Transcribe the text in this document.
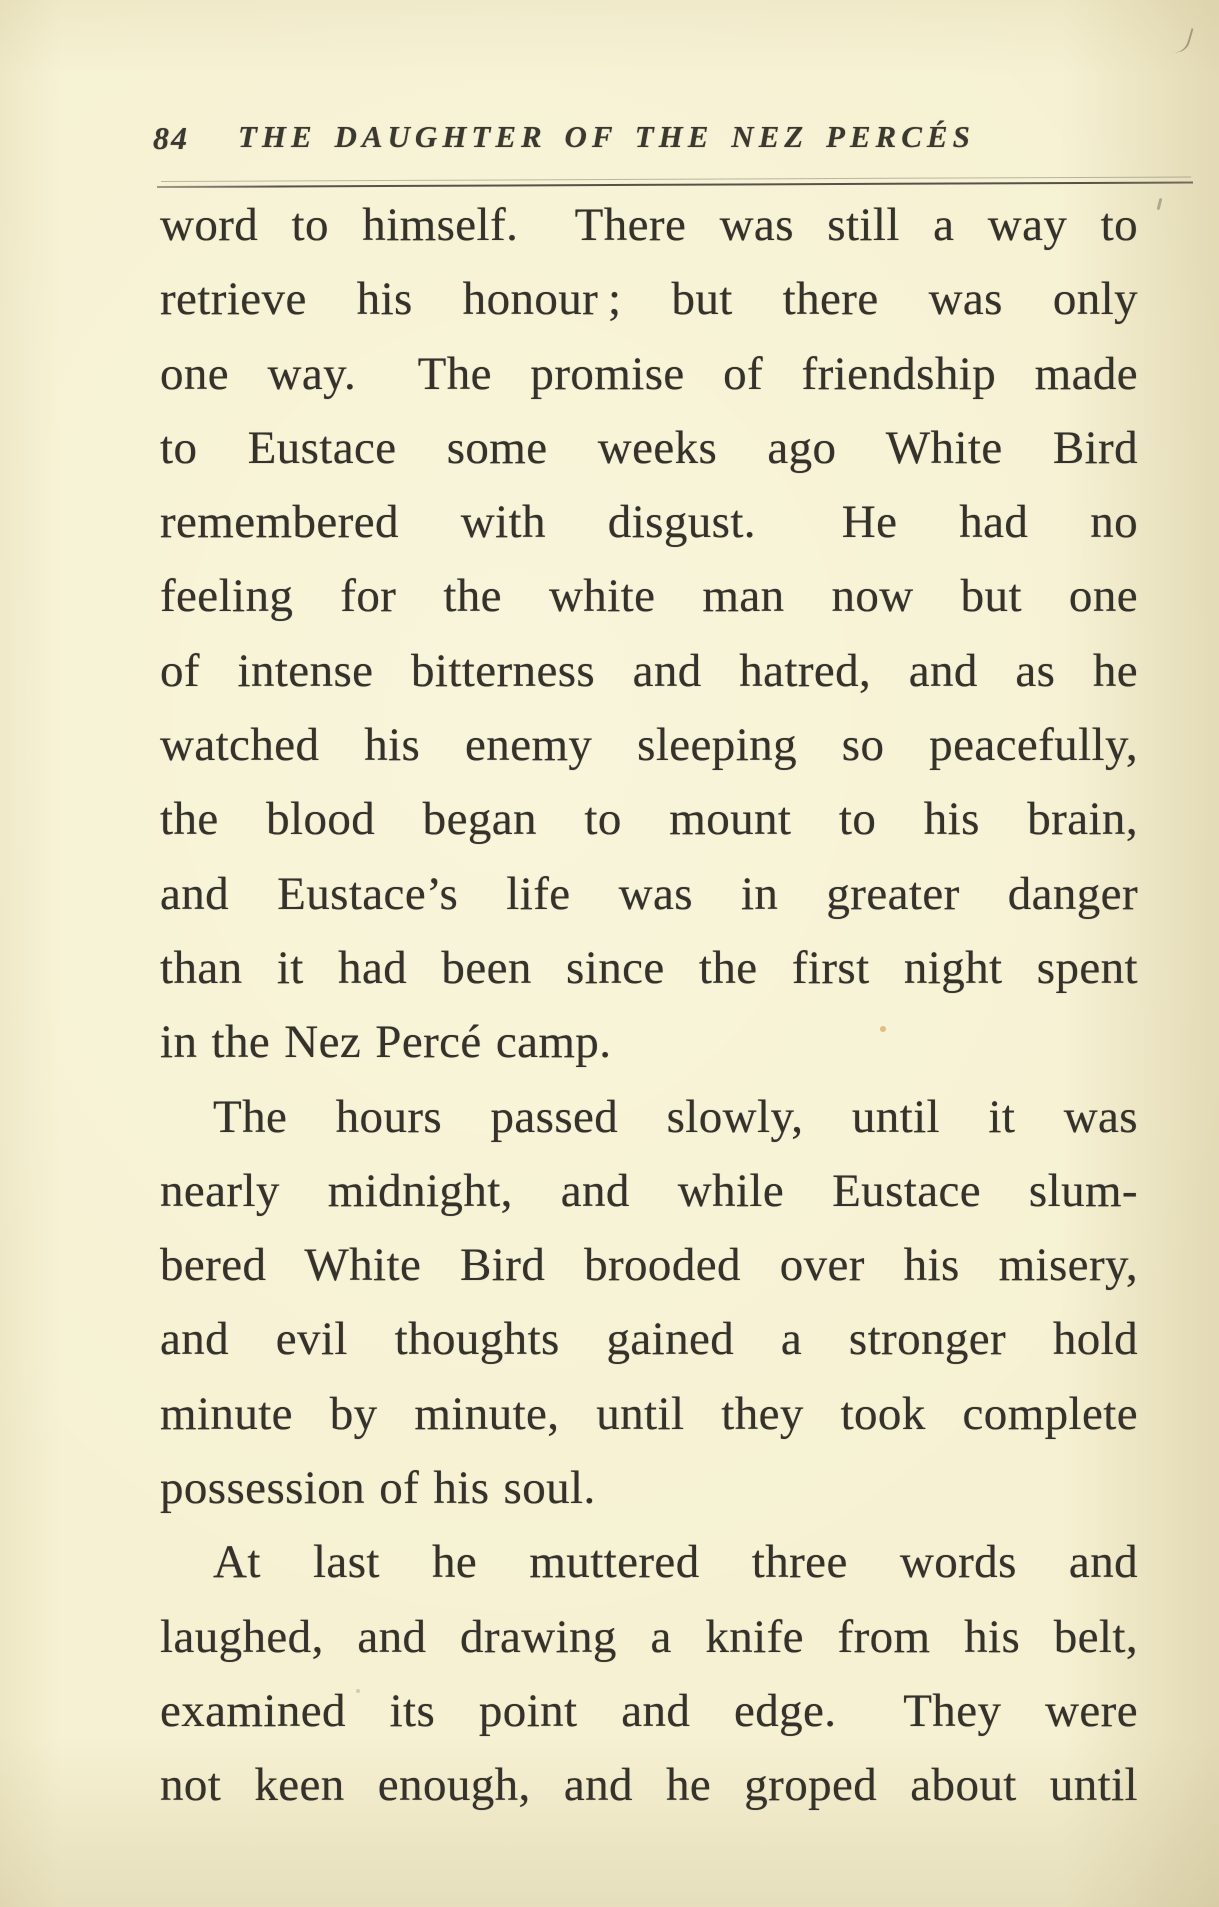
84 THE DAUGHTER OF THE NEZ PERCÉS
word to himself.  There was still a way to
retrieve his honour ; but there was only
one way.  The promise of friendship made
to Eustace some weeks ago White Bird
remembered with disgust.  He had no
feeling for the white man now but one
of intense bitterness and hatred, and as he
watched his enemy sleeping so peacefully,
the blood began to mount to his brain,
and Eustace’s life was in greater danger
than it had been since the first night spent
in the Nez Percé camp.
The hours passed slowly, until it was
nearly midnight, and while Eustace slum-
bered White Bird brooded over his misery,
and evil thoughts gained a stronger hold
minute by minute, until they took complete
possession of his soul.
At last he muttered three words and
laughed, and drawing a knife from his belt,
examined its point and edge.  They were
not keen enough, and he groped about until
